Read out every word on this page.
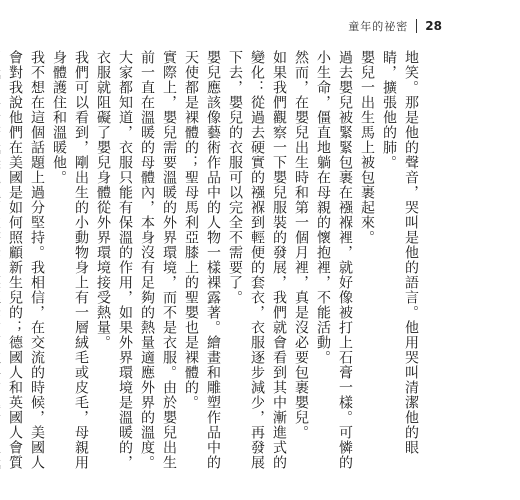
童年的祕密 28

地笑。那是他的聲音，哭叫是他的語言。他用哭叫清潔他的眼睛，擴張他的肺。

嬰兒一出生馬上被包裹起來。

過去嬰兒被緊緊包裹在襁褓裡，就好像被打上石膏一樣。可憐的小生命，僵直地躺在母親的懷抱裡，不能活動。

然而，在嬰兒出生時和第一個月裡，真是沒必要包裹嬰兒。

如果我們觀察一下嬰兒服裝的發展，我們就會看到其中漸進式的變化：從過去硬實的襁褓到輕便的套衣，衣服逐步減少，再發展下去，嬰兒的衣服可以完全不需要了。

嬰兒應該像藝術作品中的人物一樣裸露著。繪畫和雕塑作品中的天使都是裸體的；聖母馬利亞膝上的聖嬰也是裸體的。

實際上，嬰兒需要溫暖的外界環境，而不是衣服。由於嬰兒出生前一直在溫暖的母體內，本身沒有足夠的熱量適應外界的溫度。大家都知道，衣服只能有保溫的作用，如果外界環境是溫暖的，衣服就阻礙了嬰兒身體從外界環境接受熱量。

我們可以看到，剛出生的小動物身上有一層絨毛或皮毛，母親用身體護住和溫暖他。

我不想在這個話題上過分堅持。我相信，在交流的時候，美國人會對我說他們在美國是如何照顧新生兒的；德國人和英國人會質
